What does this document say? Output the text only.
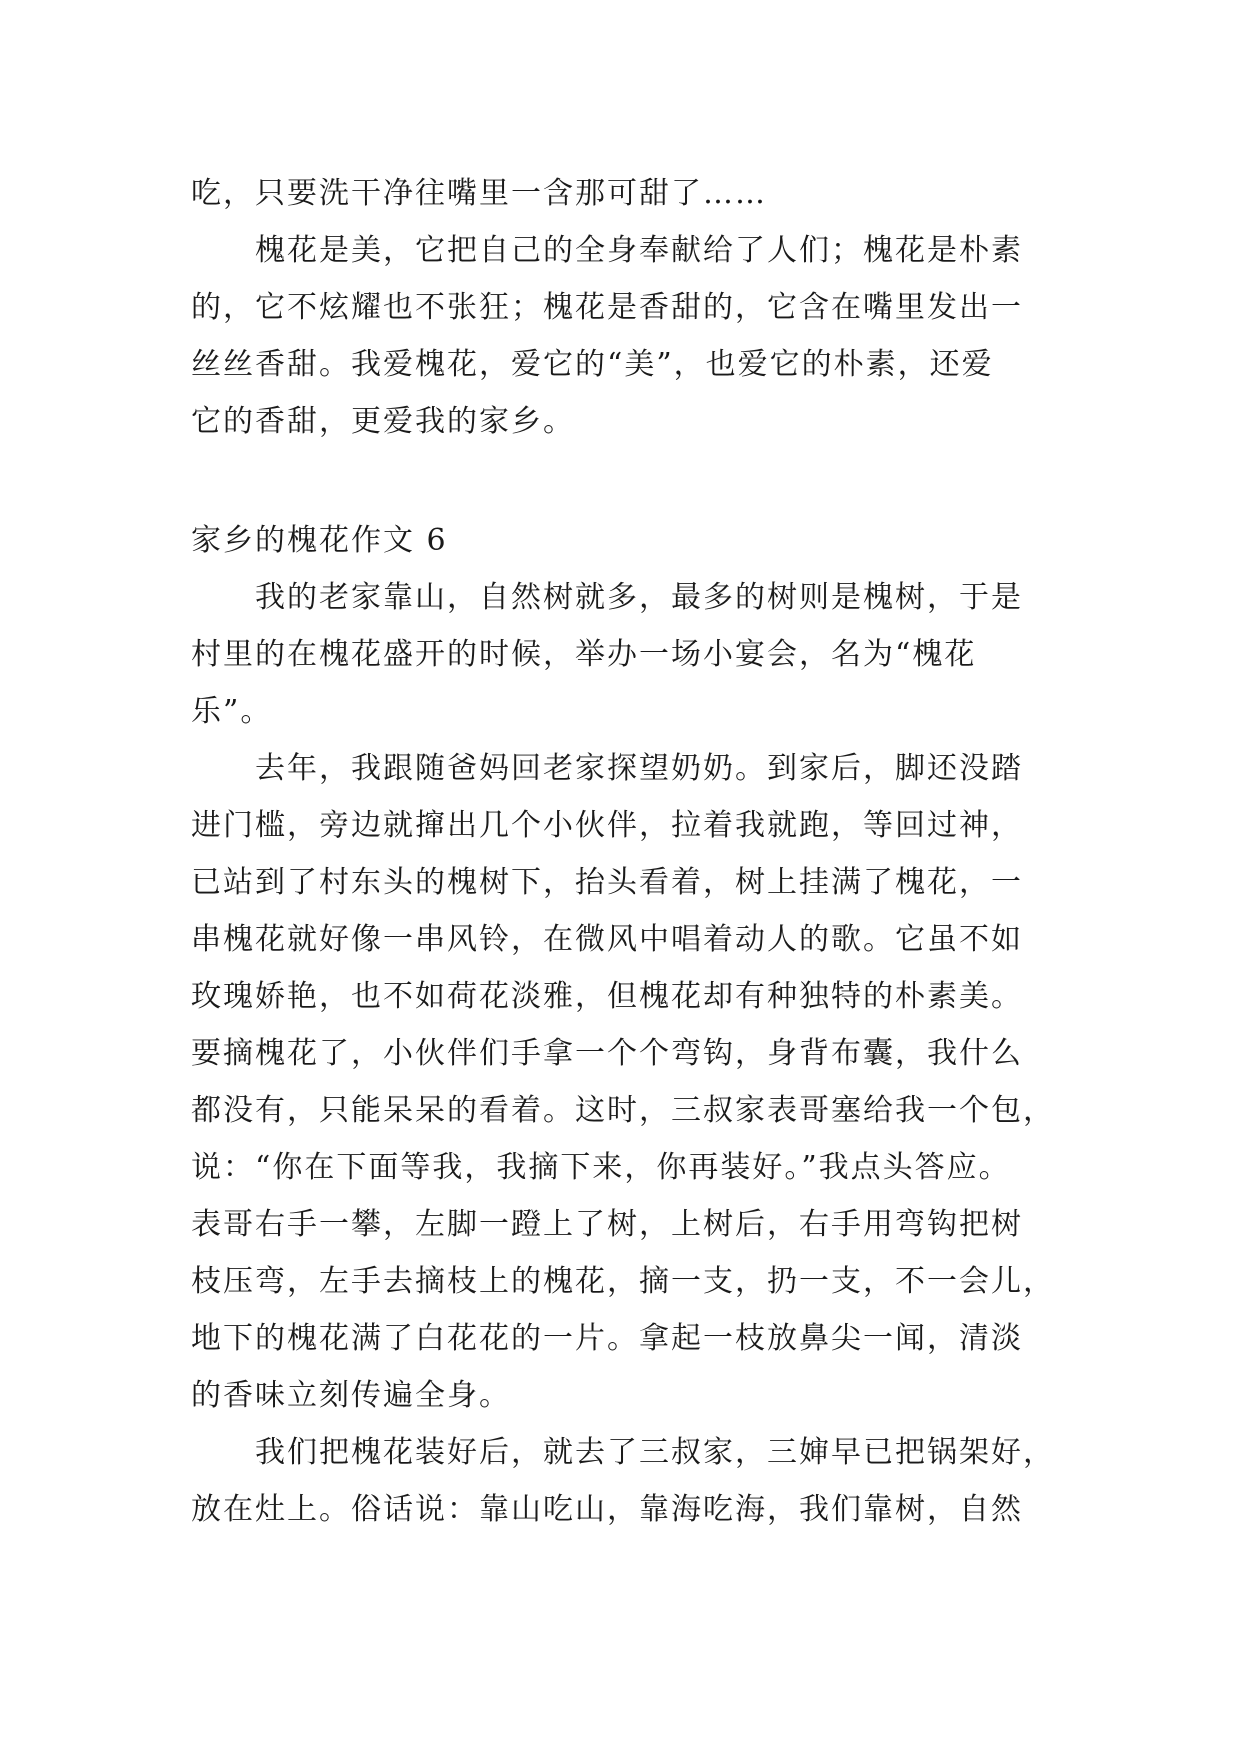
吃，只要洗干净往嘴里一含那可甜了……
槐花是美，它把自己的全身奉献给了人们；槐花是朴素
的，它不炫耀也不张狂；槐花是香甜的，它含在嘴里发出一
丝丝香甜。我爱槐花，爱它的“美”，也爱它的朴素，还爱
它的香甜，更爱我的家乡。
家乡的槐花作文 6
我的老家靠山，自然树就多，最多的树则是槐树，于是
村里的在槐花盛开的时候，举办一场小宴会，名为“槐花
乐”。
去年，我跟随爸妈回老家探望奶奶。到家后，脚还没踏
进门槛，旁边就撺出几个小伙伴，拉着我就跑，等回过神，
已站到了村东头的槐树下，抬头看着，树上挂满了槐花，一
串槐花就好像一串风铃，在微风中唱着动人的歌。它虽不如
玫瑰娇艳，也不如荷花淡雅，但槐花却有种独特的朴素美。
要摘槐花了，小伙伴们手拿一个个弯钩，身背布囊，我什么
都没有，只能呆呆的看着。这时，三叔家表哥塞给我一个包，
说：“你在下面等我，我摘下来，你再装好。”我点头答应。
表哥右手一攀，左脚一蹬上了树，上树后，右手用弯钩把树
枝压弯，左手去摘枝上的槐花，摘一支，扔一支，不一会儿，
地下的槐花满了白花花的一片。拿起一枝放鼻尖一闻，清淡
的香味立刻传遍全身。
我们把槐花装好后，就去了三叔家，三婶早已把锅架好，
放在灶上。俗话说：靠山吃山，靠海吃海，我们靠树，自然
